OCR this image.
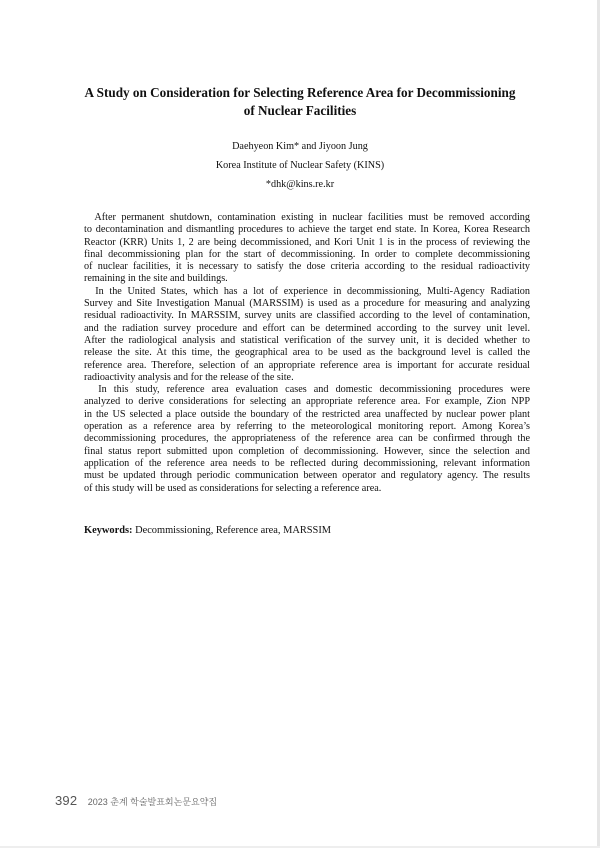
A Study on Consideration for Selecting Reference Area for Decommissioning
of Nuclear Facilities
Daehyeon Kim* and Jiyoon Jung
Korea Institute of Nuclear Safety (KINS)
*dhk@kins.re.kr
After permanent shutdown, contamination existing in nuclear facilities must be removed according
to decontamination and dismantling procedures to achieve the target end state. In Korea, Korea Research
Reactor (KRR) Units 1, 2 are being decommissioned, and Kori Unit 1 is in the process of reviewing the
final decommissioning plan for the start of decommissioning. In order to complete decommissioning
of nuclear facilities, it is necessary to satisfy the dose criteria according to the residual radioactivity
remaining in the site and buildings.
In the United States, which has a lot of experience in decommissioning, Multi-Agency Radiation
Survey and Site Investigation Manual (MARSSIM) is used as a procedure for measuring and analyzing
residual radioactivity. In MARSSIM, survey units are classified according to the level of contamination,
and the radiation survey procedure and effort can be determined according to the survey unit level.
After the radiological analysis and statistical verification of the survey unit, it is decided whether to
release the site. At this time, the geographical area to be used as the background level is called the
reference area. Therefore, selection of an appropriate reference area is important for accurate residual
radioactivity analysis and for the release of the site.
In this study, reference area evaluation cases and domestic decommissioning procedures were
analyzed to derive considerations for selecting an appropriate reference area. For example, Zion NPP
in the US selected a place outside the boundary of the restricted area unaffected by nuclear power plant
operation as a reference area by referring to the meteorological monitoring report. Among Korea’s
decommissioning procedures, the appropriateness of the reference area can be confirmed through the
final status report submitted upon completion of decommissioning. However, since the selection and
application of the reference area needs to be reflected during decommissioning, relevant information
must be updated through periodic communication between operator and regulatory agency. The results
of this study will be used as considerations for selecting a reference area.
Keywords: Decommissioning, Reference area, MARSSIM
392 2023 춘계 학술발표회논문요약집
